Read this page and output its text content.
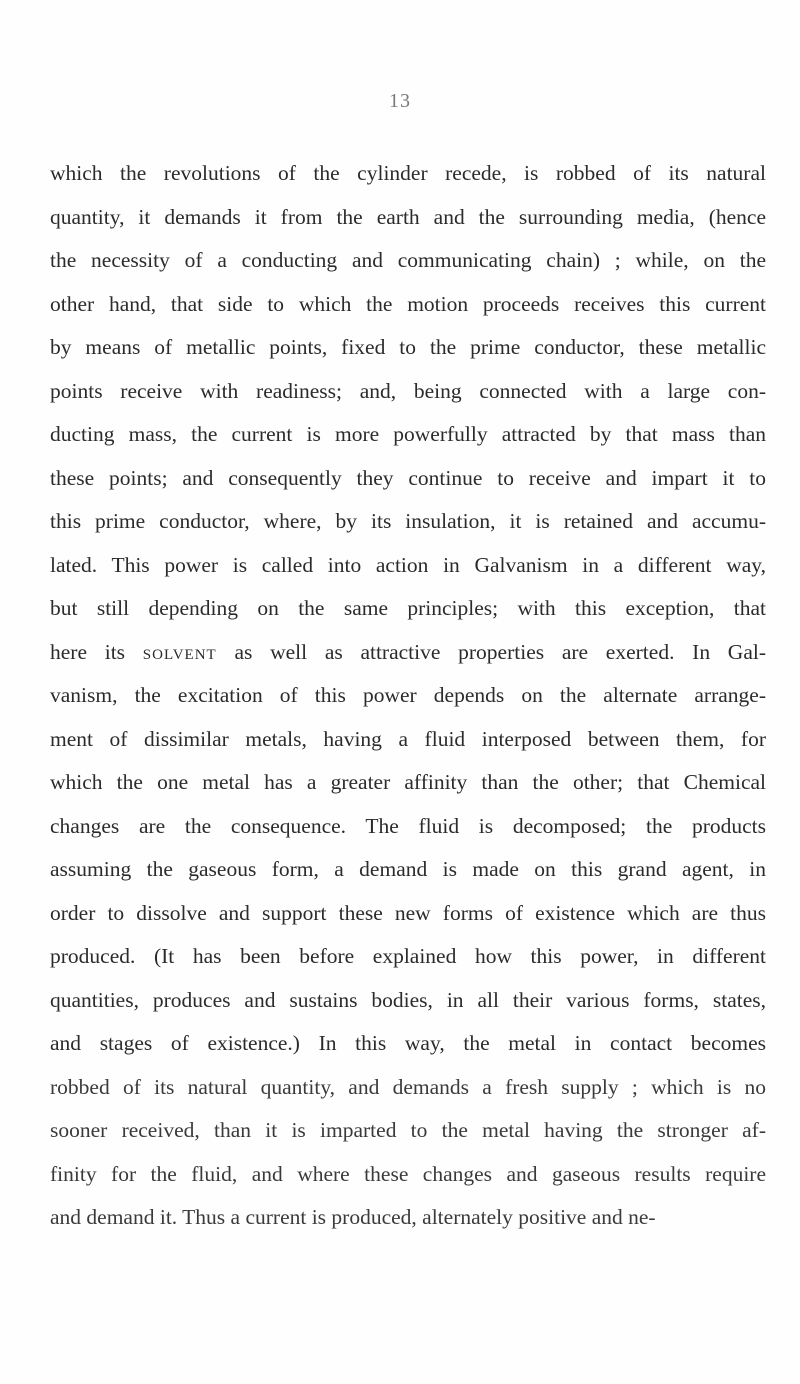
13
which the revolutions of the cylinder recede, is robbed of its natural
quantity, it demands it from the earth and the surrounding media, (hence
the necessity of a conducting and communicating chain) ; while, on the
other hand, that side to which the motion proceeds receives this current
by means of metallic points, fixed to the prime conductor, these metallic
points receive with readiness; and, being connected with a large con-
ducting mass, the current is more powerfully attracted by that mass than
these points; and consequently they continue to receive and impart it to
this prime conductor, where, by its insulation, it is retained and accumu-
lated. This power is called into action in Galvanism in a different way,
but still depending on the same principles; with this exception, that
here its solvent as well as attractive properties are exerted. In Gal-
vanism, the excitation of this power depends on the alternate arrange-
ment of dissimilar metals, having a fluid interposed between them, for
which the one metal has a greater affinity than the other; that Chemical
changes are the consequence. The fluid is decomposed; the products
assuming the gaseous form, a demand is made on this grand agent, in
order to dissolve and support these new forms of existence which are thus
produced. (It has been before explained how this power, in different
quantities, produces and sustains bodies, in all their various forms, states,
and stages of existence.) In this way, the metal in contact becomes
robbed of its natural quantity, and demands a fresh supply ; which is no
sooner received, than it is imparted to the metal having the stronger af-
finity for the fluid, and where these changes and gaseous results require
and demand it. Thus a current is produced, alternately positive and ne-
